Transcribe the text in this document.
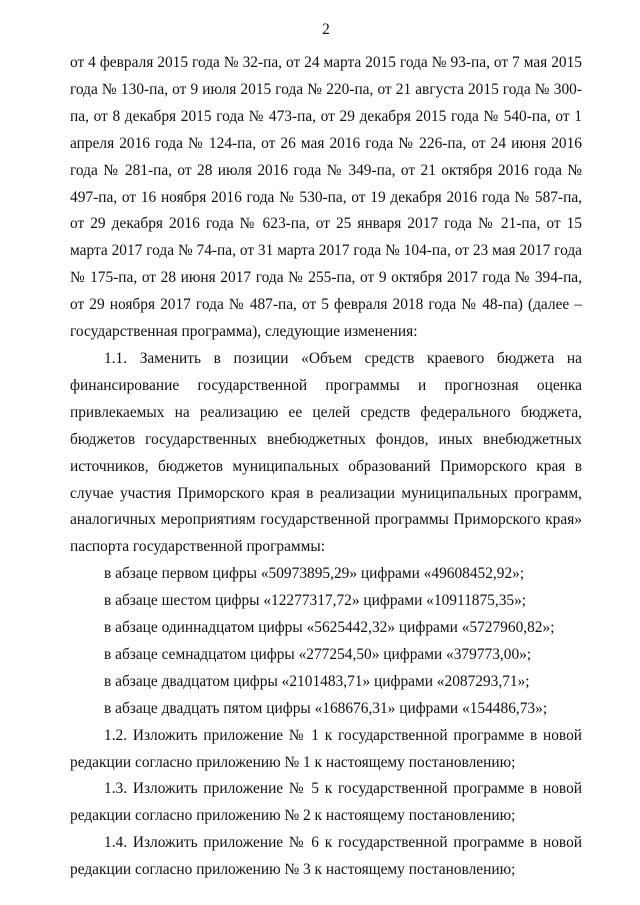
2

от 4 февраля 2015 года № 32-па, от 24 марта 2015 года № 93-па, от 7 мая 2015 года № 130-па, от 9 июля 2015 года № 220-па, от 21 августа 2015 года № 300-па, от 8 декабря 2015 года № 473-па, от 29 декабря 2015 года № 540-па, от 1 апреля 2016 года № 124-па, от 26 мая 2016 года № 226-па, от 24 июня 2016 года № 281-па, от 28 июля 2016 года № 349-па, от 21 октября 2016 года № 497-па, от 16 ноября 2016 года № 530-па, от 19 декабря 2016 года № 587-па, от 29 декабря 2016 года № 623-па, от 25 января 2017 года № 21-па, от 15 марта 2017 года № 74-па, от 31 марта 2017 года № 104-па, от 23 мая 2017 года № 175-па, от 28 июня 2017 года № 255-па, от 9 октября 2017 года № 394-па, от 29 ноября 2017 года № 487-па, от 5 февраля 2018 года № 48-па) (далее – государственная программа), следующие изменения:

1.1. Заменить в позиции «Объем средств краевого бюджета на финансирование государственной программы и прогнозная оценка привлекаемых на реализацию ее целей средств федерального бюджета, бюджетов государственных внебюджетных фондов, иных внебюджетных источников, бюджетов муниципальных образований Приморского края в случае участия Приморского края в реализации муниципальных программ, аналогичных мероприятиям государственной программы Приморского края» паспорта государственной программы:

в абзаце первом цифры «50973895,29» цифрами «49608452,92»;

в абзаце шестом цифры «12277317,72» цифрами «10911875,35»;

в абзаце одиннадцатом цифры «5625442,32» цифрами «5727960,82»;

в абзаце семнадцатом цифры «277254,50» цифрами «379773,00»;

в абзаце двадцатом цифры «2101483,71» цифрами «2087293,71»;

в абзаце двадцать пятом цифры «168676,31» цифрами «154486,73»;

1.2. Изложить приложение № 1 к государственной программе в новой редакции согласно приложению № 1 к настоящему постановлению;

1.3. Изложить приложение № 5 к государственной программе в новой редакции согласно приложению № 2 к настоящему постановлению;

1.4. Изложить приложение № 6 к государственной программе в новой редакции согласно приложению № 3 к настоящему постановлению;
